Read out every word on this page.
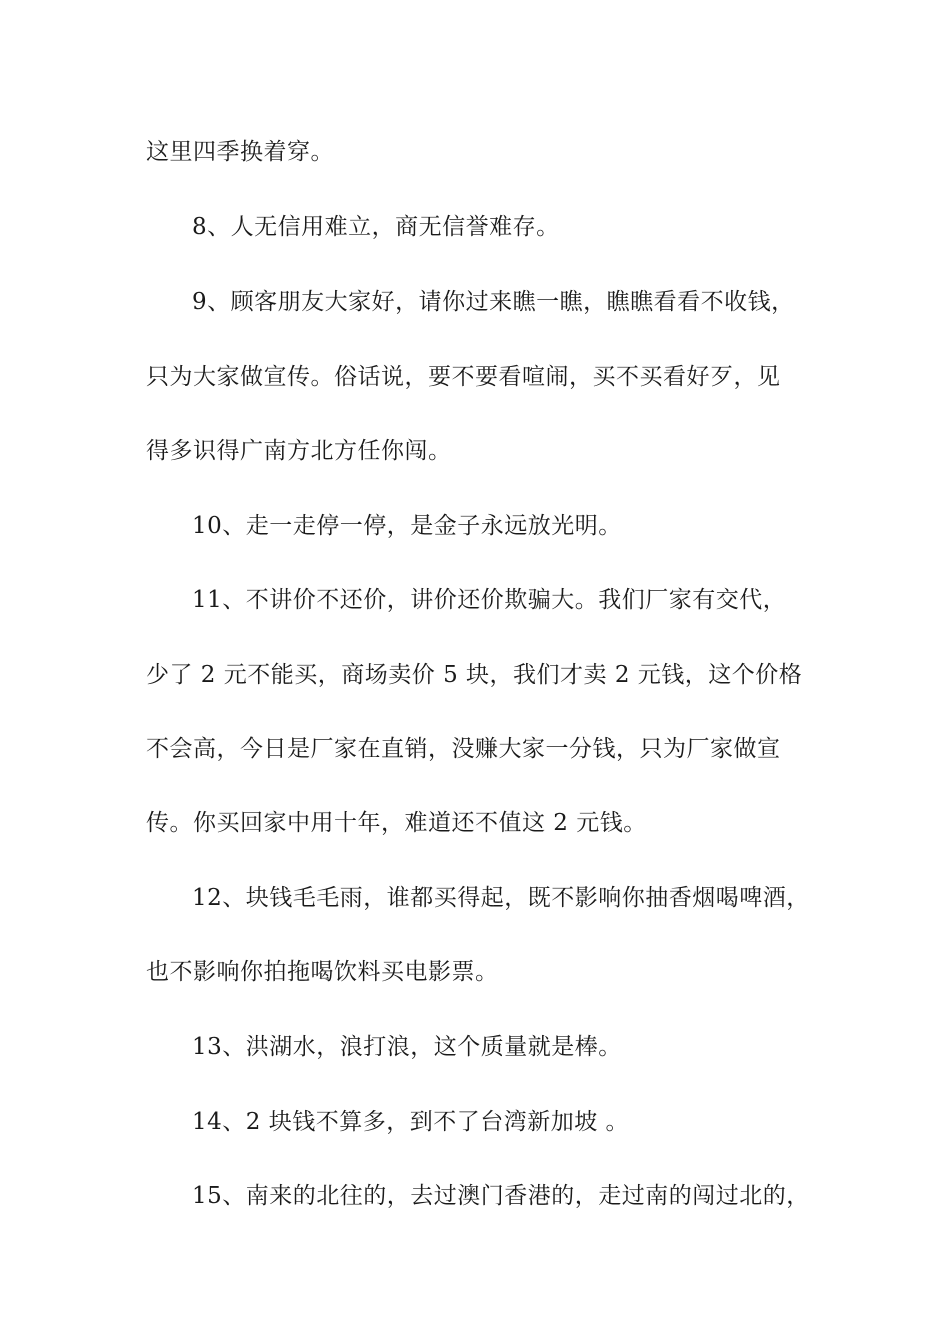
这里四季换着穿。
8、人无信用难立，商无信誉难存。
9、顾客朋友大家好，请你过来瞧一瞧，瞧瞧看看不收钱，
只为大家做宣传。俗话说，要不要看喧闹，买不买看好歹，见
得多识得广南方北方任你闯。
10、走一走停一停，是金子永远放光明。
11、不讲价不还价，讲价还价欺骗大。我们厂家有交代，
少了 2 元不能买，商场卖价 5 块，我们才卖 2 元钱，这个价格
不会高，今日是厂家在直销，没赚大家一分钱，只为厂家做宣
传。你买回家中用十年，难道还不值这 2 元钱。
12、块钱毛毛雨，谁都买得起，既不影响你抽香烟喝啤酒，
也不影响你拍拖喝饮料买电影票。
13、洪湖水，浪打浪，这个质量就是棒。
14、2 块钱不算多，到不了台湾新加坡 。
15、南来的北往的，去过澳门香港的，走过南的闯过北的，
